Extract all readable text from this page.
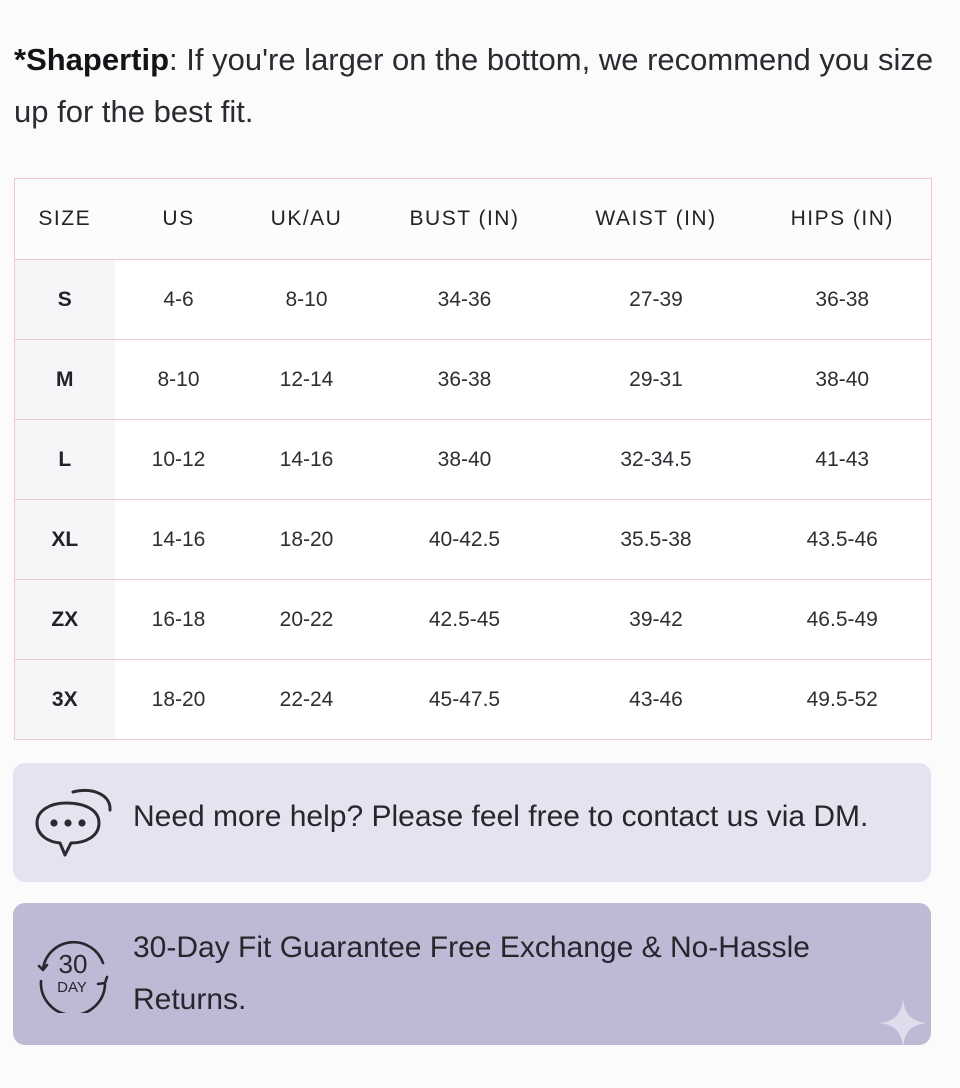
*Shapertip: If you're larger on the bottom, we recommend you size up for the best fit.
SIZE	US	UK/AU	BUST (IN)	WAIST (IN)	HIPS (IN)
S	4-6	8-10	34-36	27-39	36-38
M	8-10	12-14	36-38	29-31	38-40
L	10-12	14-16	38-40	32-34.5	41-43
XL	14-16	18-20	40-42.5	35.5-38	43.5-46
ZX	16-18	20-22	42.5-45	39-42	46.5-49
3X	18-20	22-24	45-47.5	43-46	49.5-52
Need more help? Please feel free to contact us via DM.
30
DAY
30-Day Fit Guarantee Free Exchange & No-Hassle Returns.
